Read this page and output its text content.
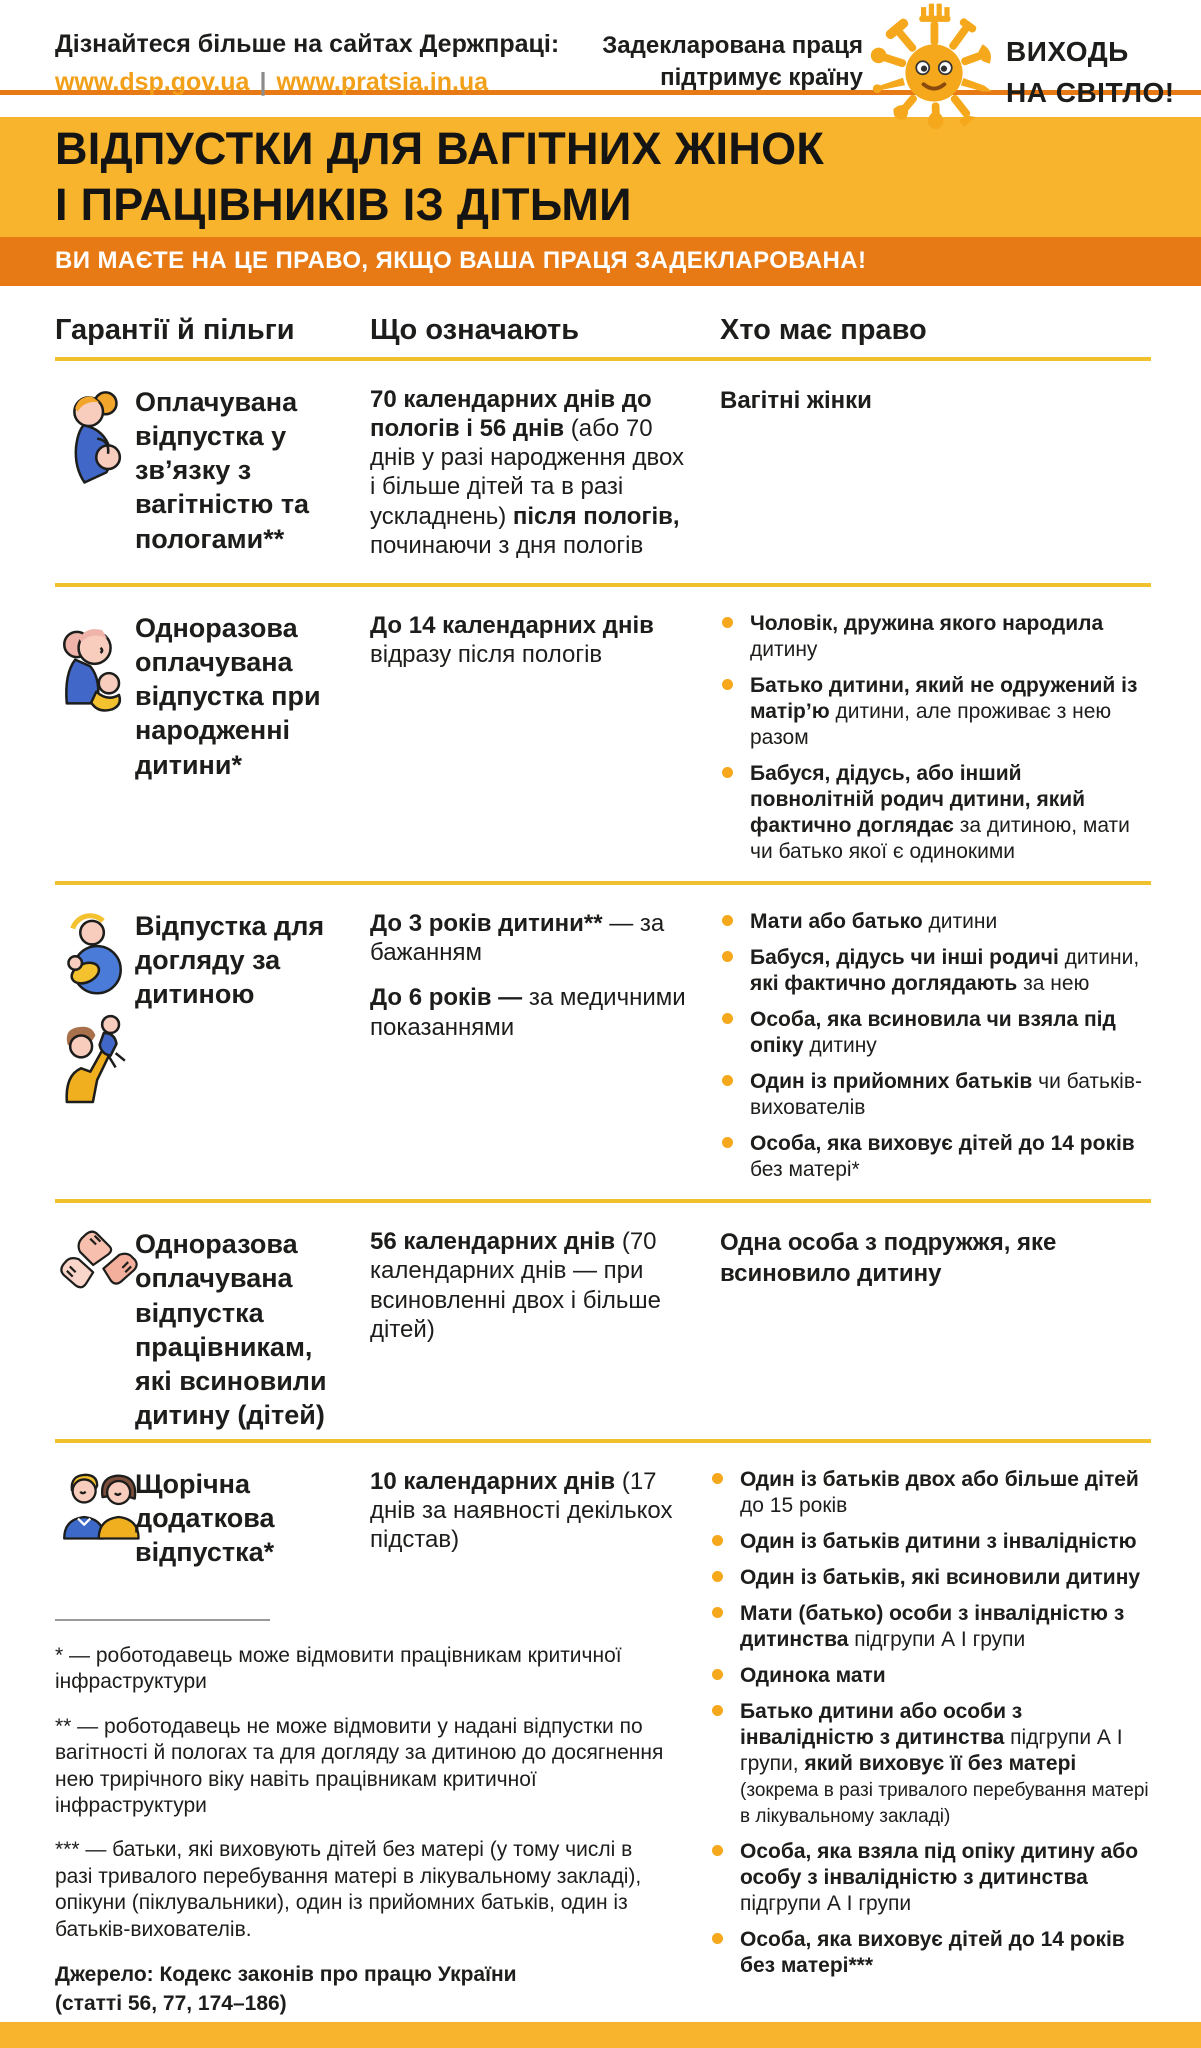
Дізнайтеся більше на сайтах Держпраці:
www.dsp.gov.ua | www.pratsia.in.ua
Задекларована праця
підтримує країну
ВИХОДЬ
НА СВІТЛО!
ВІДПУСТКИ ДЛЯ ВАГІТНИХ ЖІНОК
І ПРАЦІВНИКІВ ІЗ ДІТЬМИ
ВИ МАЄТЕ НА ЦЕ ПРАВО, ЯКЩО ВАША ПРАЦЯ ЗАДЕКЛАРОВАНА!
Гарантії й пільги	Що означають	Хто має право
Оплачувана відпустка у зв’язку з вагітністю та пологами**

70 календарних днів до пологів і 56 днів (або 70 днів у разі народження двох і більше дітей та в разі ускладнень) після пологів, починаючи з дня пологів

Вагітні жінки
Одноразова оплачувана відпустка при народженні дитини*

До 14 календарних днів відразу після пологів

Чоловік, дружина якого народила дитину
Батько дитини, який не одружений із матір’ю дитини, але проживає з нею разом
Бабуся, дідусь, або інший повнолітній родич дитини, який фактично доглядає за дитиною, мати чи батько якої є одинокими
Відпустка для догляду за дитиною

До 3 років дитини** — за бажанням

До 6 років — за медичними показаннями

Мати або батько дитини
Бабуся, дідусь чи інші родичі дитини, які фактично доглядають за нею
Особа, яка всиновила чи взяла під опіку дитину
Один із прийомних батьків чи батьків-вихователів
Особа, яка виховує дітей до 14 років без матері*
Одноразова оплачувана відпустка працівникам, які всиновили дитину (дітей)

56 календарних днів (70 календарних днів — при всиновленні двох і більше дітей)

Одна особа з подружжя, яке всиновило дитину
Щорічна додаткова відпустка*

10 календарних днів (17 днів за наявності декількох підстав)

* — роботодавець може відмовити працівникам критичної інфраструктури

** — роботодавець не може відмовити у надані відпустки по вагітності й пологах та для догляду за дитиною до досягнення нею трирічного віку навіть працівникам критичної інфраструктури

*** — батьки, які виховують дітей без матері (у тому числі в разі тривалого перебування матері в лікувальному закладі), опікуни (піклувальники), один із прийомних батьків, один із батьків-вихователів.

Джерело: Кодекс законів про працю України
(статті 56, 77, 174–186)
Один із батьків двох або більше дітей до 15 років
Один із батьків дитини з інвалідністю
Один із батьків, які всиновили дитину
Мати (батько) особи з інвалідністю з дитинства підгрупи А І групи
Одинока мати
Батько дитини або особи з інвалідністю з дитинства підгрупи А І групи, який виховує її без матері (зокрема в разі тривалого перебування матері в лікувальному закладі)
Особа, яка взяла під опіку дитину або особу з інвалідністю з дитинства підгрупи А І групи
Особа, яка виховує дітей до 14 років без матері***
